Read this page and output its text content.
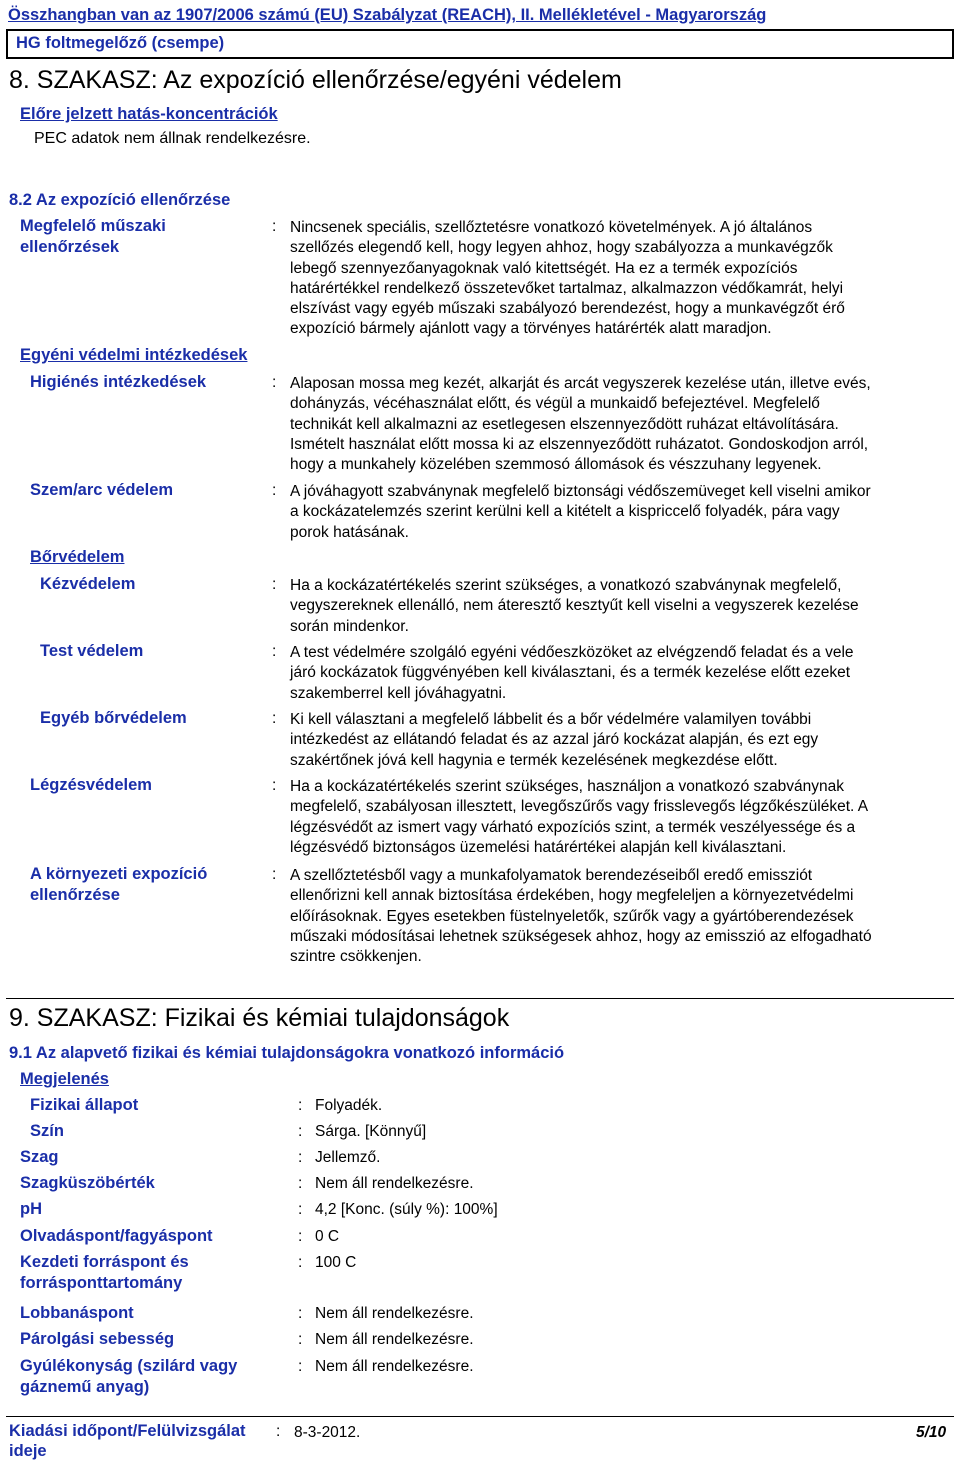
Összhangban van az 1907/2006 számú (EU) Szabályzat (REACH), II. Mellékletével - Magyarország
HG foltmegelőző (csempe)
8. SZAKASZ: Az expozíció ellenőrzése/egyéni védelem
Előre jelzett hatás-koncentrációk
PEC adatok nem állnak rendelkezésre.
8.2 Az expozíció ellenőrzése
Megfelelő műszaki ellenőrzések
: Nincsenek speciális, szellőztetésre vonatkozó követelmények. A jó általános
szellőzés elegendő kell, hogy legyen ahhoz, hogy szabályozza a munkavégzők
lebegő szennyezőanyagoknak való kitettségét. Ha ez a termék expozíciós
határértékkel rendelkező összetevőket tartalmaz, alkalmazzon védőkamrát, helyi
elszívást vagy egyéb műszaki szabályozó berendezést, hogy a munkavégzőt érő
expozíció bármely ajánlott vagy a törvényes határérték alatt maradjon.
Egyéni védelmi intézkedések
Higiénés intézkedések	: Alaposan mossa meg kezét, alkarját és arcát vegyszerek kezelése után, illetve evés,
dohányzás, vécéhasználat előtt, és végül a munkaidő befejeztével. Megfelelő
technikát kell alkalmazni az esetlegesen elszennyeződött ruházat eltávolítására.
Ismételt használat előtt mossa ki az elszennyeződött ruházatot. Gondoskodjon arról,
hogy a munkahely közelében szemmosó állomások és vészzuhany legyenek.
Szem/arc védelem	: A jóváhagyott szabványnak megfelelő biztonsági védőszemüveget kell viselni amikor
a kockázatelemzés szerint kerülni kell a kitételt a kispriccelő folyadék, pára vagy
porok hatásának.
Bőrvédelem
Kézvédelem	: Ha a kockázatértékelés szerint szükséges, a vonatkozó szabványnak megfelelő,
vegyszereknek ellenálló, nem áteresztő kesztyűt kell viselni a vegyszerek kezelése
során mindenkor.
Test védelem	: A test védelmére szolgáló egyéni védőeszközöket az elvégzendő feladat és a vele
járó kockázatok függvényében kell kiválasztani, és a termék kezelése előtt ezeket
szakemberrel kell jóváhagyatni.
Egyéb bőrvédelem	: Ki kell választani a megfelelő lábbelit és a bőr védelmére valamilyen további
intézkedést az ellátandó feladat és az azzal járó kockázat alapján, és ezt egy
szakértőnek jóvá kell hagynia e termék kezelésének megkezdése előtt.
Légzésvédelem	: Ha a kockázatértékelés szerint szükséges, használjon a vonatkozó szabványnak
megfelelő, szabályosan illesztett, levegőszűrős vagy frisslevegős légzőkészüléket. A
légzésvédőt az ismert vagy várható expozíciós szint, a termék veszélyessége és a
légzésvédő biztonságos üzemelési határértékei alapján kell kiválasztani.
A környezeti expozíció ellenőrzése
: A szellőztetésből vagy a munkafolyamatok berendezéseiből eredő emissziót
ellenőrizni kell annak biztosítása érdekében, hogy megfeleljen a környezetvédelmi
előírásoknak. Egyes esetekben füstelnyeletők, szűrők vagy a gyártóberendezések
műszaki módosításai lehetnek szükségesek ahhoz, hogy az emisszió az elfogadható
szintre csökkenjen.
9. SZAKASZ: Fizikai és kémiai tulajdonságok
9.1 Az alapvető fizikai és kémiai tulajdonságokra vonatkozó információ
Megjelenés
Fizikai állapot	: Folyadék.
Szín	: Sárga. [Könnyű]
Szag	: Jellemző.
Szagküszöbérték	: Nem áll rendelkezésre.
pH	: 4,2 [Konc. (súly %): 100%]
Olvadáspont/fagyáspont	: 0 C
Kezdeti forráspont és
forrásponttartomány
: 100 C
Lobbanáspont	: Nem áll rendelkezésre.
Párolgási sebesség	: Nem áll rendelkezésre.
Gyúlékonyság (szilárd vagy
gáznemű anyag)
: Nem áll rendelkezésre.
Kiadási időpont/Felülvizsgálat
ideje
: 8-3-2012.	5/10
